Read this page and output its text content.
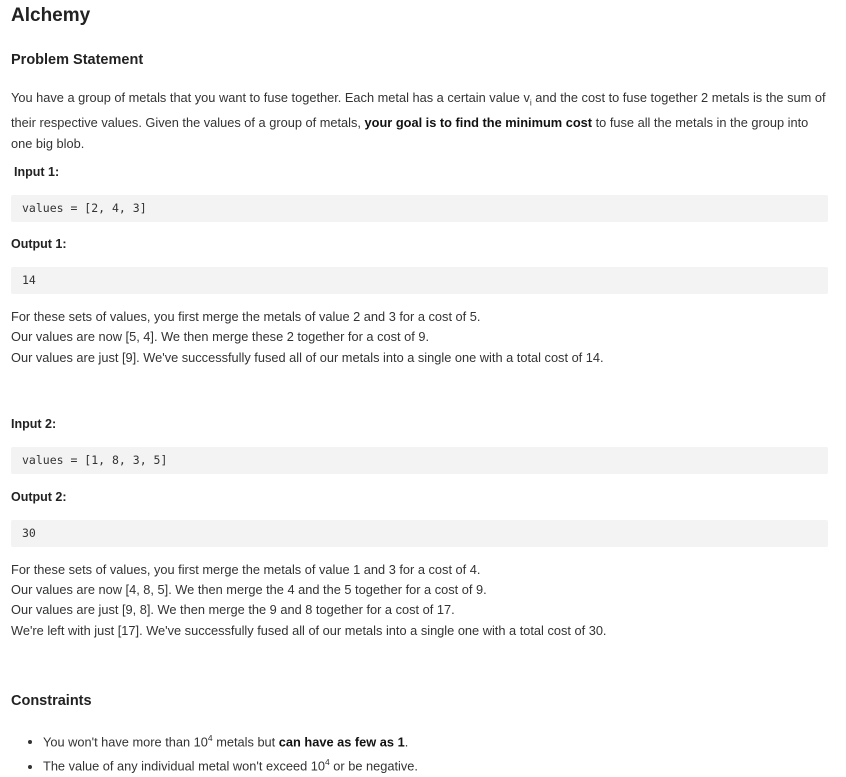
Alchemy
Problem Statement
You have a group of metals that you want to fuse together. Each metal has a certain value $v_i$ and the cost to fuse together 2 metals is the sum of their respective values. Given the values of a group of metals, your goal is to find the minimum cost to fuse all the metals in the group into one big blob.
Input 1:
values = [2, 4, 3]
Output 1:
14
For these sets of values, you first merge the metals of value 2 and 3 for a cost of 5.
Our values are now [5, 4]. We then merge these 2 together for a cost of 9.
Our values are just [9]. We've successfully fused all of our metals into a single one with a total cost of 14.
Input 2:
values = [1, 8, 3, 5]
Output 2:
30
For these sets of values, you first merge the metals of value 1 and 3 for a cost of 4.
Our values are now [4, 8, 5]. We then merge the 4 and the 5 together for a cost of 9.
Our values are just [9, 8]. We then merge the 9 and 8 together for a cost of 17.
We're left with just [17]. We've successfully fused all of our metals into a single one with a total cost of 30.
Constraints
• You won't have more than $10^4$ metals but can have as few as 1.
• The value of any individual metal won't exceed $10^4$ or be negative.
